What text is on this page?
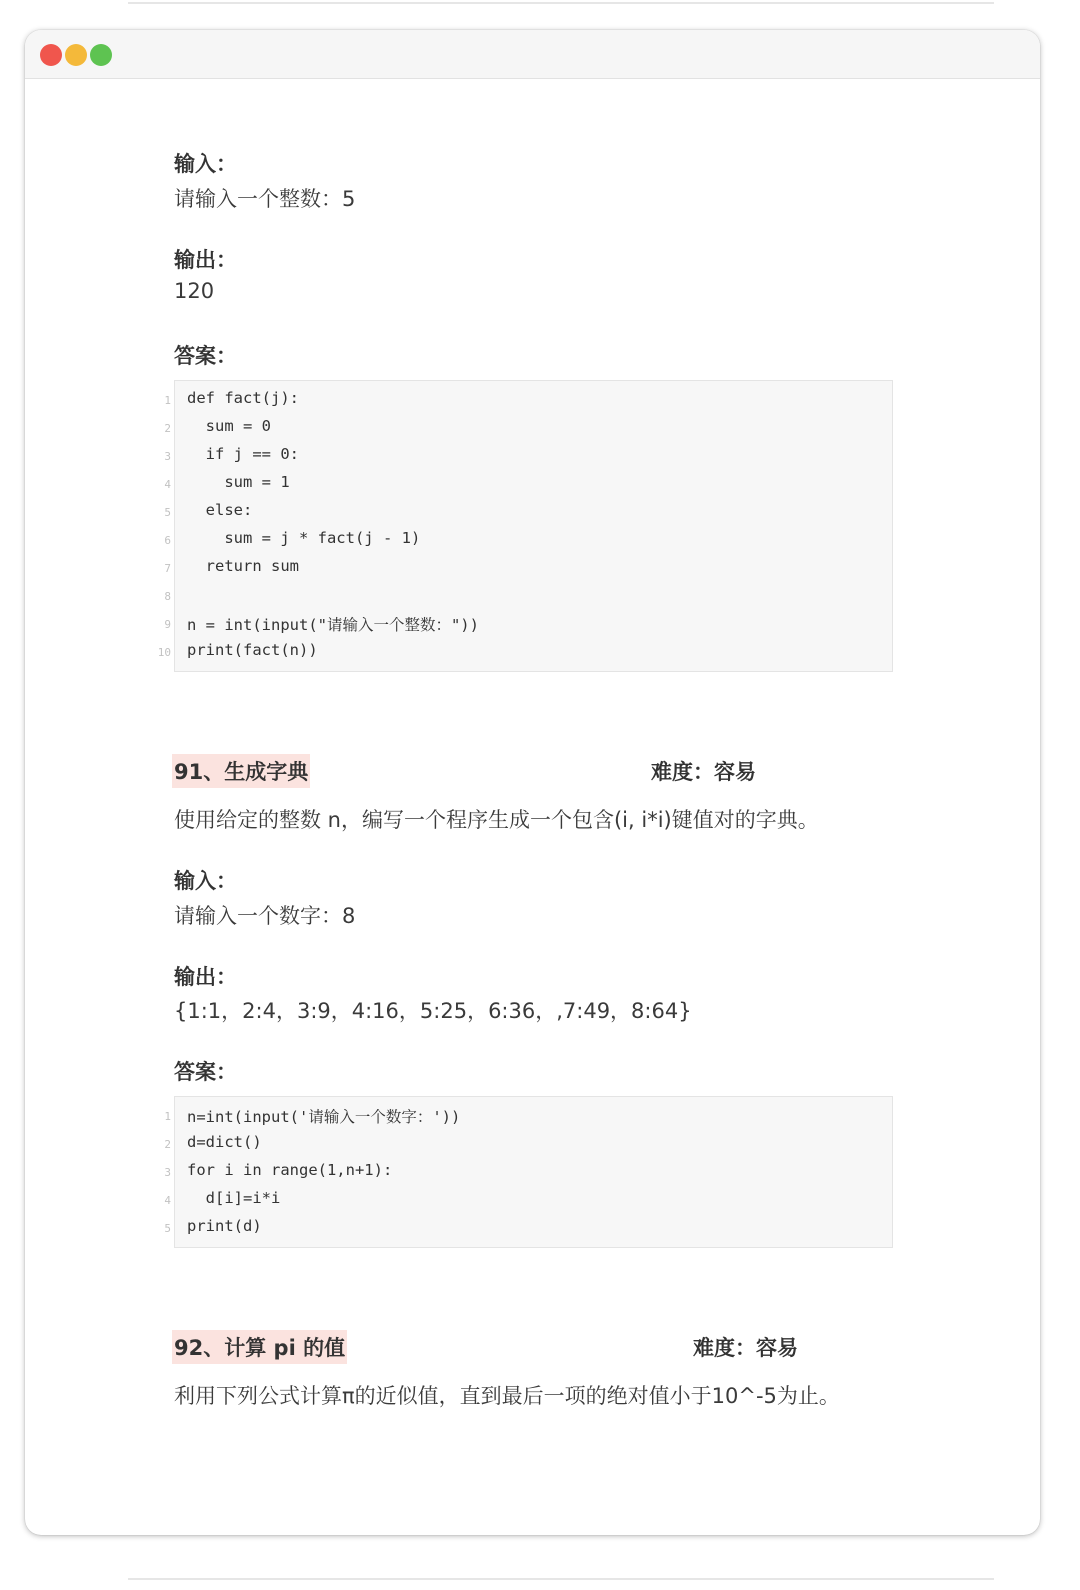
输入：
请输入一个整数：5
输出：
120
答案：
1 def fact(j):
2 sum = 0
3 if j == 0:
4 sum = 1
5 else:
6 sum = j * fact(j - 1)
7 return sum
8
9 n = int(input("请输入一个整数："))
10 print(fact(n))
91、生成字典	难度：容易
使用给定的整数 n，编写一个程序生成一个包含(i, i*i)键值对的字典。
输入：
请输入一个数字：8
输出：
{1:1，2:4，3:9，4:16，5:25，6:36，,7:49，8:64}
答案：
1 n=int(input('请输入一个数字：'))
2 d=dict()
3 for i in range(1,n+1):
4 d[i]=i*i
5 print(d)
92、计算 pi 的值	难度：容易
利用下列公式计算π的近似值，直到最后一项的绝对值小于10^-5为止。
